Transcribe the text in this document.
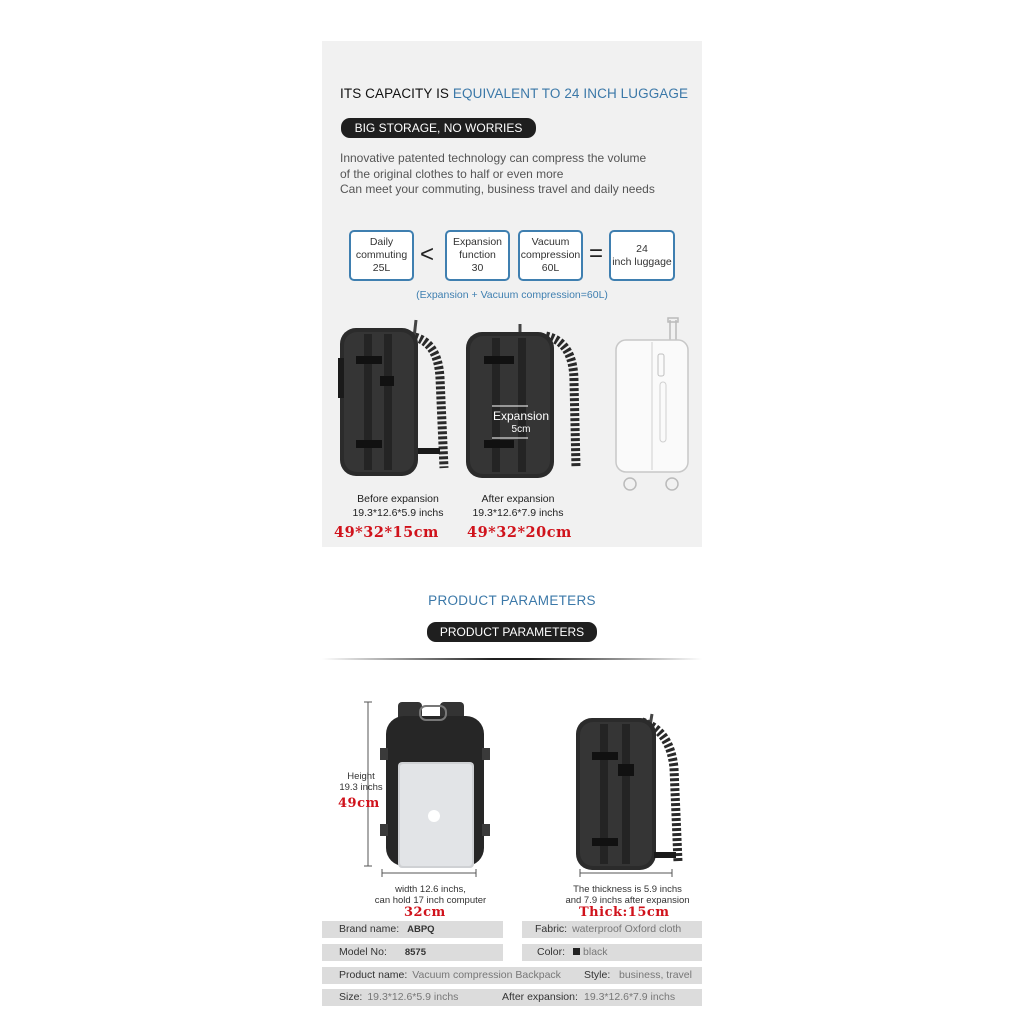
ITS CAPACITY IS EQUIVALENT TO 24 INCH LUGGAGE
BIG STORAGE, NO WORRIES
Innovative patented technology can compress the volume
of the original clothes to half or even more
Can meet your commuting, business travel and daily needs
Daily
commuting
25L	<	Expansion
function
30
Vacuum
compression
60L
=	24
inch luggage
(Expansion + Vacuum compression=60L)
Expansion
5cm
Before expansion
19.3*12.6*5.9 inchs
After expansion
19.3*12.6*7.9 inchs
49*32*15cm 49*32*20cm
PRODUCT PARAMETERS
PRODUCT PARAMETERS
Height
19.3 inchs
49cm
width 12.6 inchs,
can hold 17 inch computer
32cm
The thickness is 5.9 inchs
and 7.9 inchs after expansion
Thick:15cm
Brand name: ABPQ	Fabric: waterproof Oxford cloth
Model No: 8575	Color: black
Product name: Vacuum compression Backpack Style: business, travel
Size: 19.3*12.6*5.9 inchs	After expansion: 19.3*12.6*7.9 inchs
